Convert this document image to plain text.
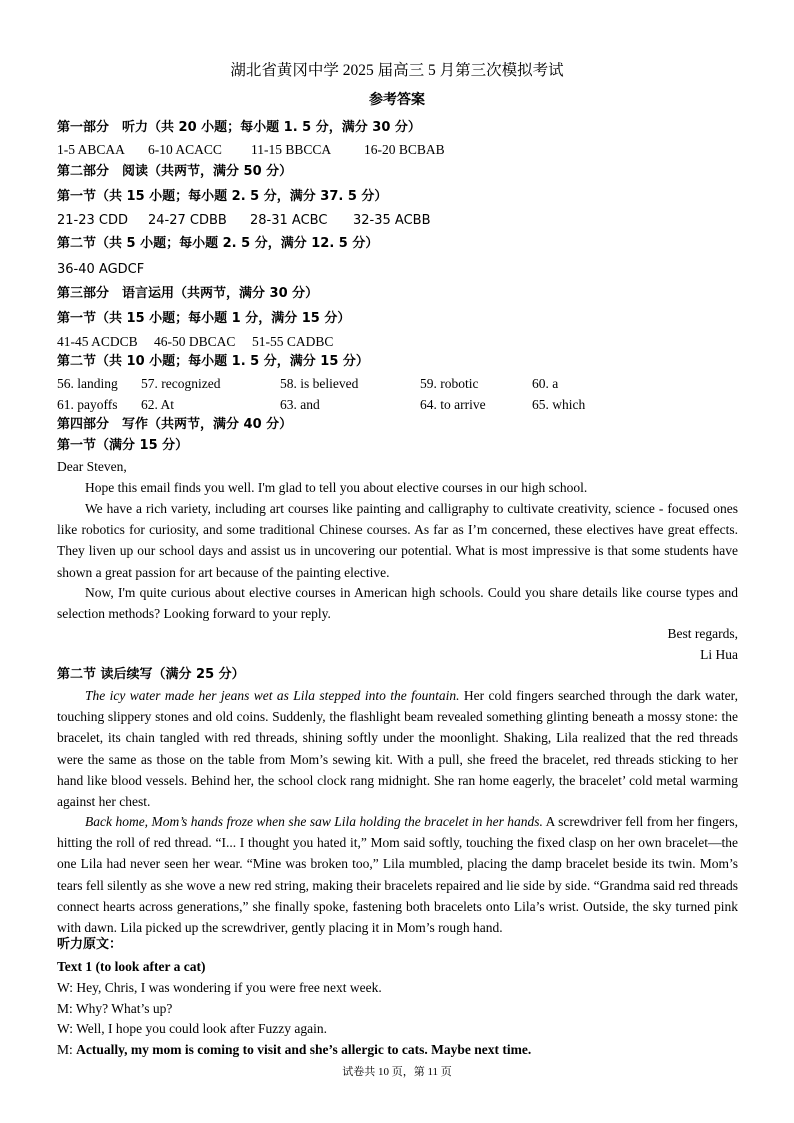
湖北省黄冈中学 2025 届高三 5 月第三次模拟考试
参考答案
第一部分　听力（共 20 小题；每小题 1. 5 分，满分 30 分）
1-5 ABCAA 6-10 ACACC 11-15 BBCCA 16-20 BCBAB
第二部分　阅读（共两节，满分 50 分）
第一节（共 15 小题；每小题 2. 5 分，满分 37. 5 分）
21-23 CDD 24-27 CDBB 28-31 ACBC 32-35 ACBB
第二节（共 5 小题；每小题 2. 5 分，满分 12. 5 分）
36-40 AGDCF
第三部分　语言运用（共两节，满分 30 分）
第一节（共 15 小题；每小题 1 分，满分 15 分）
41-45 ACDCB 46-50 DBCAC 51-55 CADBC
第二节（共 10 小题；每小题 1. 5 分，满分 15 分）
56. landing 57. recognized	58. is believed	59. robotic	60. a
61. payoffs 62. At	63. and	64. to arrive	65. which
第四部分　写作（共两节，满分 40 分）
第一节（满分 15 分）
Dear Steven,

Hope this email finds you well. I'm glad to tell you about elective courses in our high school.

We have a rich variety, including art courses like painting and calligraphy to cultivate creativity, science - focused ones like robotics for curiosity, and some traditional Chinese courses. As far as I’m concerned, these electives have great effects. They liven up our school days and assist us in uncovering our potential. What is most impressive is that some students have shown a great passion for art because of the painting elective.

Now, I'm quite curious about elective courses in American high schools. Could you share details like course types and selection methods? Looking forward to your reply.

Best regards,
Li Hua
第二节 读后续写（满分 25 分）

The icy water made her jeans wet as Lila stepped into the fountain. Her cold fingers searched through the dark water, touching slippery stones and old coins. Suddenly, the flashlight beam revealed something glinting beneath a mossy stone: the bracelet, its chain tangled with red threads, shining softly under the moonlight. Shaking, Lila realized that the red threads were the same as those on the table from Mom’s sewing kit. With a pull, she freed the bracelet, red threads sticking to her hand like blood vessels. Behind her, the school clock rang midnight. She ran home eagerly, the bracelet’ cold metal warming against her chest.

Back home, Mom’s hands froze when she saw Lila holding the bracelet in her hands. A screwdriver fell from her fingers, hitting the roll of red thread. “I... I thought you hated it,” Mom said softly, touching the fixed clasp on her own bracelet—the one Lila had never seen her wear. “Mine was broken too,” Lila mumbled, placing the damp bracelet beside its twin. Mom’s tears fell silently as she wove a new red string, making their bracelets repaired and lie side by side. “Grandma said red threads connect hearts across generations,” she finally spoke, fastening both bracelets onto Lila’s wrist. Outside, the sky turned pink with dawn. Lila picked up the screwdriver, gently placing it in Mom’s rough hand.

听力原文：
Text 1 (to look after a cat)
W: Hey, Chris, I was wondering if you were free next week.
M: Why? What’s up?
W: Well, I hope you could look after Fuzzy again.
M: Actually, my mom is coming to visit and she’s allergic to cats. Maybe next time.
试卷共 10 页，第 11 页
